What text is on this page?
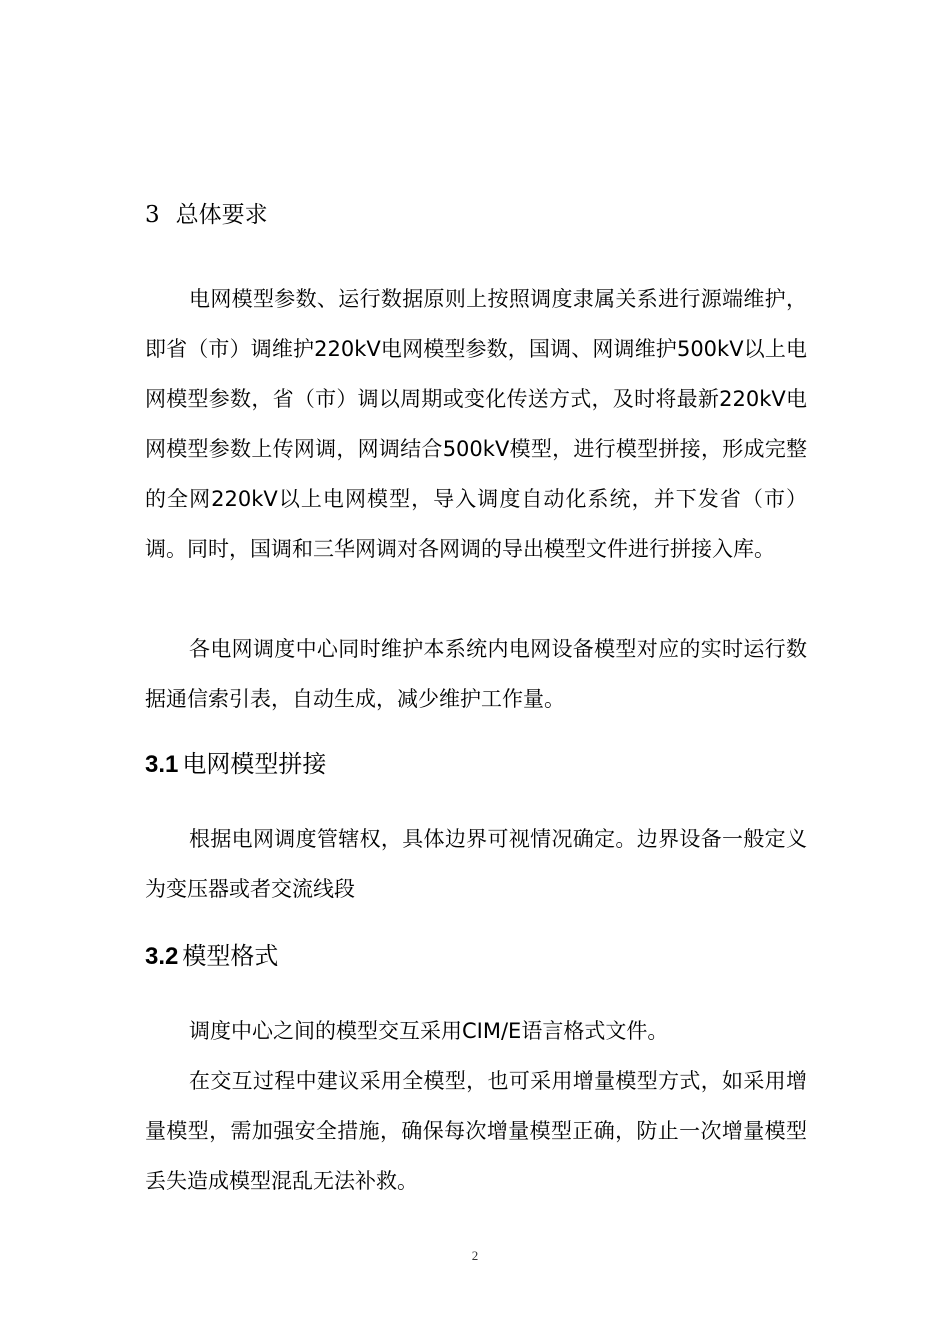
3 总体要求

电网模型参数、运行数据原则上按照调度隶属关系进行源端维护，即省（市）调维护220kV电网模型参数，国调、网调维护500kV以上电网模型参数，省（市）调以周期或变化传送方式，及时将最新220kV电网模型参数上传网调，网调结合500kV模型，进行模型拼接，形成完整的全网220kV以上电网模型，导入调度自动化系统，并下发省（市）调。同时，国调和三华网调对各网调的导出模型文件进行拼接入库。

各电网调度中心同时维护本系统内电网设备模型对应的实时运行数据通信索引表，自动生成，减少维护工作量。

3.1 电网模型拼接

根据电网调度管辖权，具体边界可视情况确定。边界设备一般定义为变压器或者交流线段

3.2 模型格式

调度中心之间的模型交互采用CIM/E语言格式文件。

在交互过程中建议采用全模型，也可采用增量模型方式，如采用增量模型，需加强安全措施，确保每次增量模型正确，防止一次增量模型丢失造成模型混乱无法补救。

2
